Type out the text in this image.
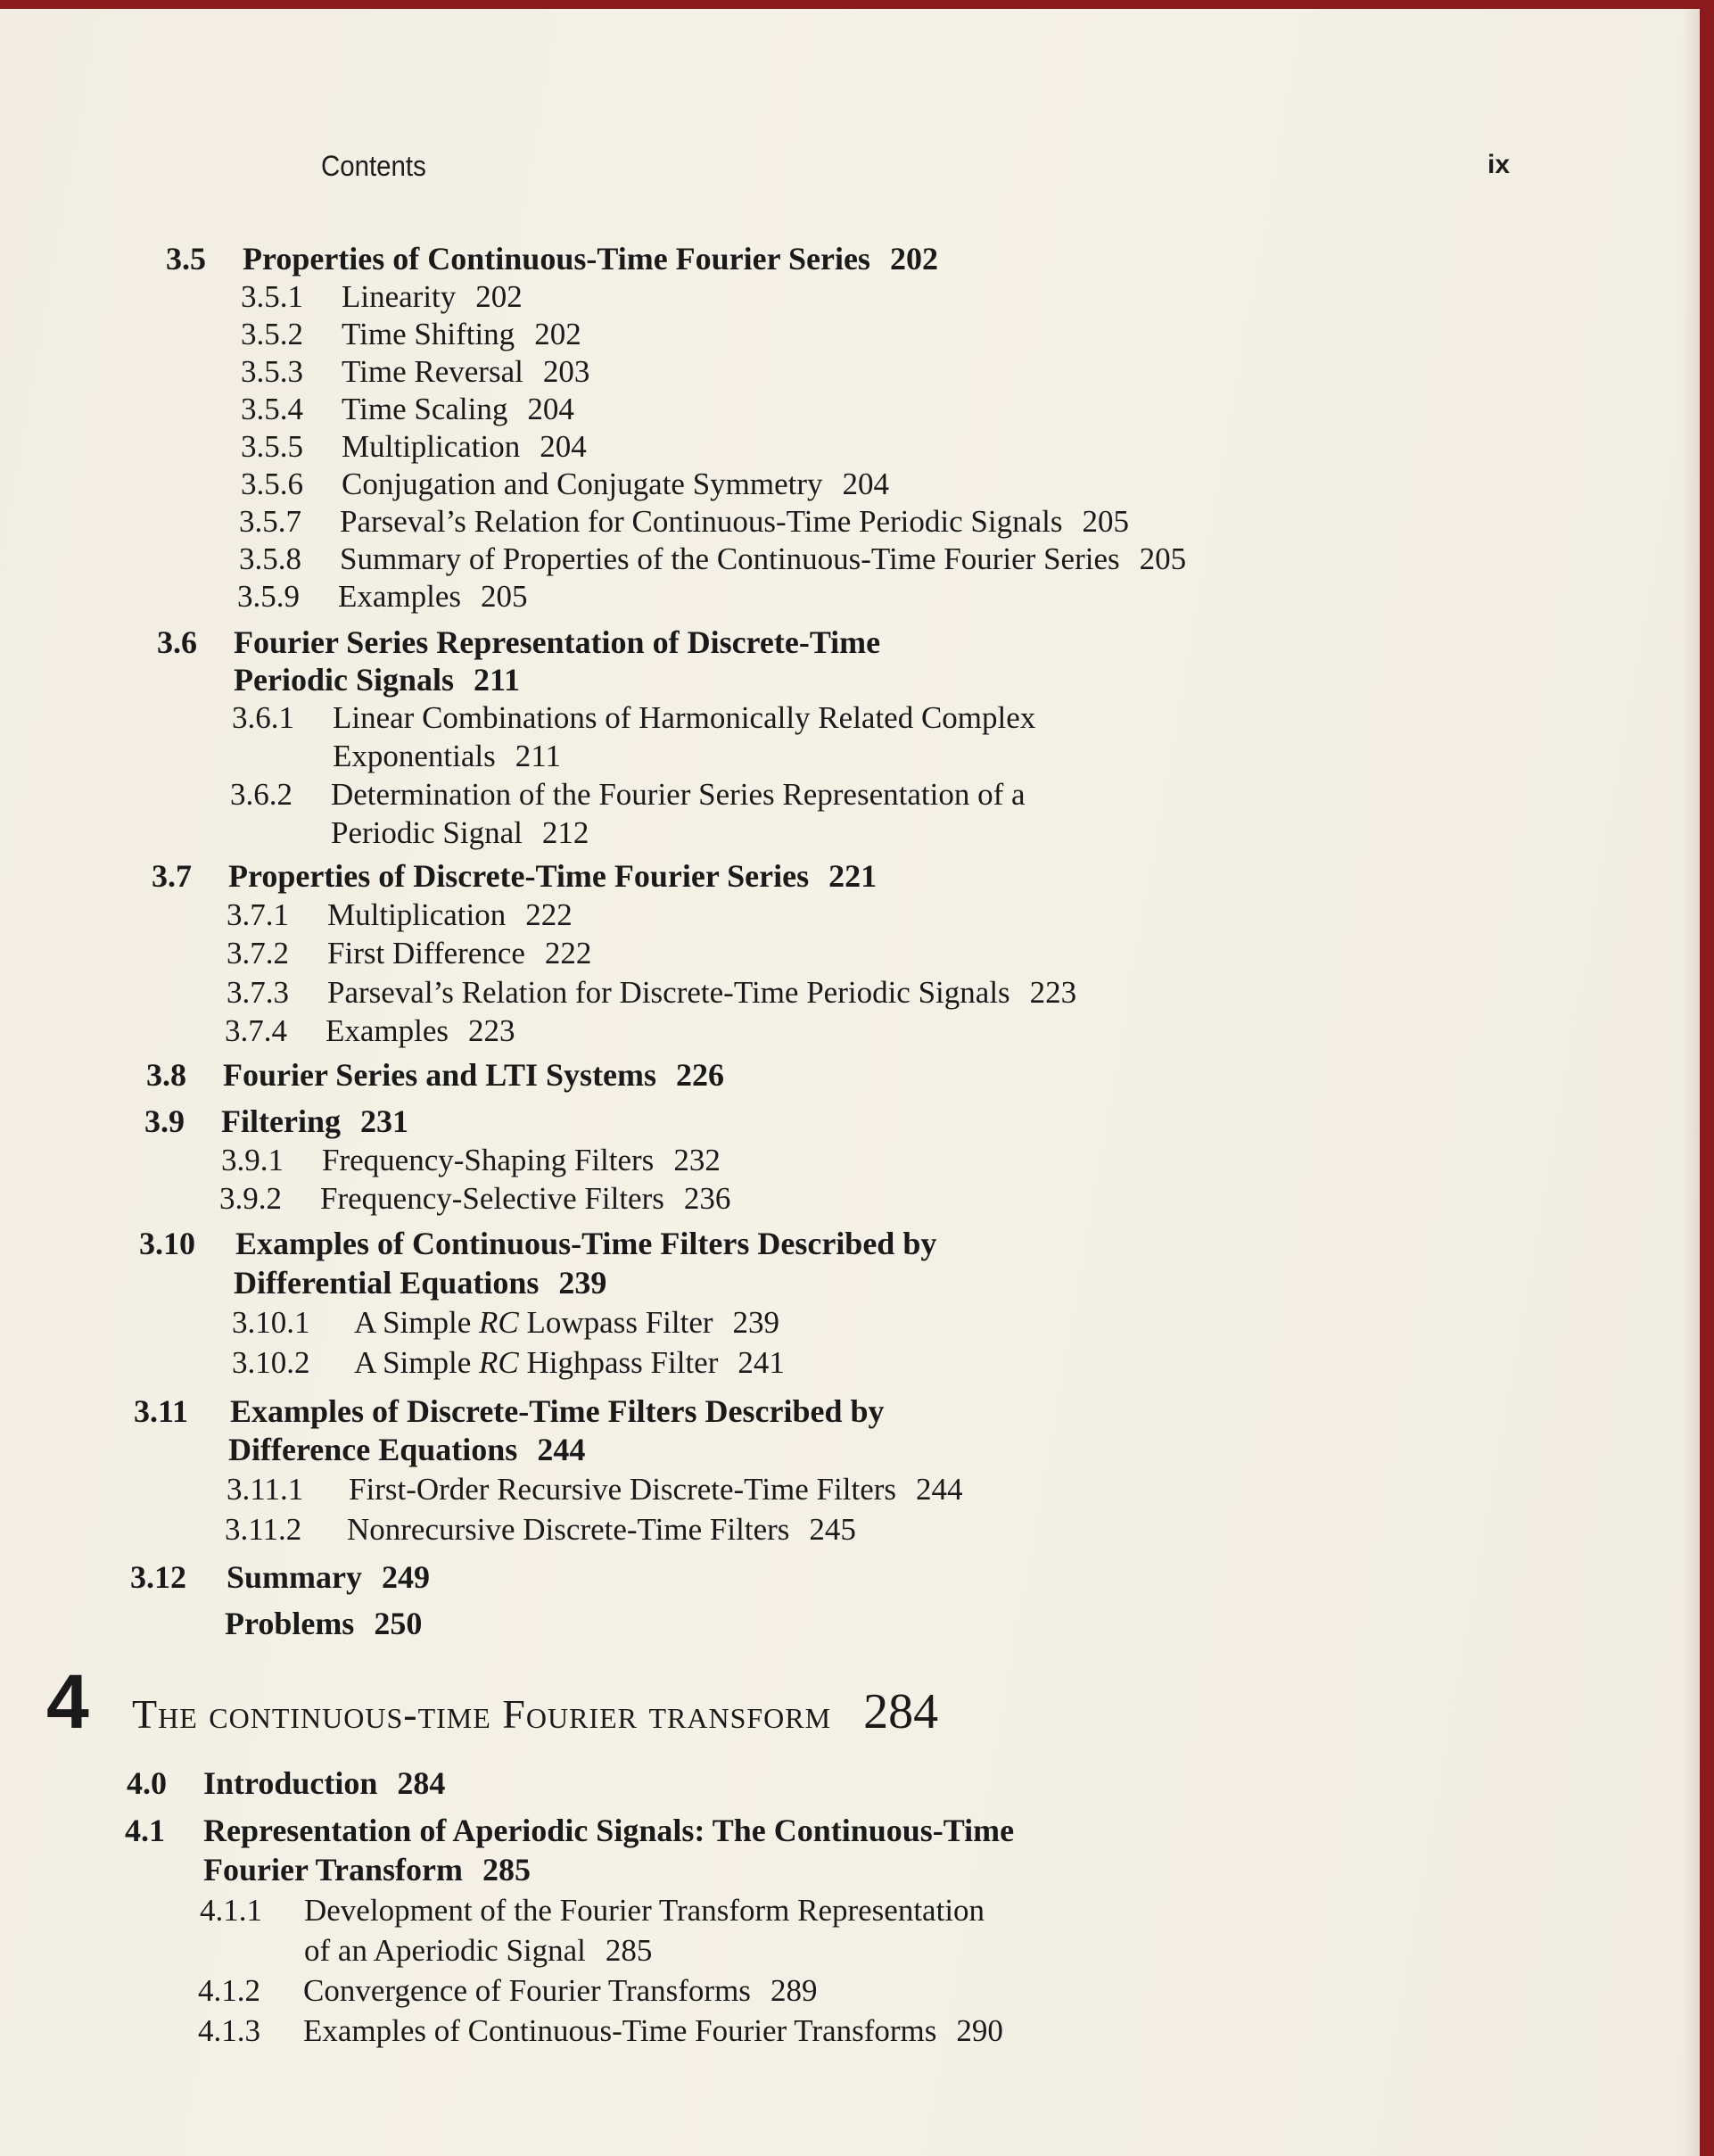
Contents	ix
3.5 Properties of Continuous-Time Fourier Series 202
3.5.1 Linearity 202
3.5.2 Time Shifting 202
3.5.3 Time Reversal 203
3.5.4 Time Scaling 204
3.5.5 Multiplication 204
3.5.6 Conjugation and Conjugate Symmetry 204
3.5.7 Parseval’s Relation for Continuous-Time Periodic Signals 205
3.5.8 Summary of Properties of the Continuous-Time Fourier Series 205
3.5.9 Examples 205
3.6 Fourier Series Representation of Discrete-Time
Periodic Signals 211
3.6.1 Linear Combinations of Harmonically Related Complex
Exponentials 211
3.6.2 Determination of the Fourier Series Representation of a
Periodic Signal 212
3.7 Properties of Discrete-Time Fourier Series 221
3.7.1 Multiplication 222
3.7.2 First Difference 222
3.7.3 Parseval’s Relation for Discrete-Time Periodic Signals 223
3.7.4 Examples 223
3.8 Fourier Series and LTI Systems 226
3.9 Filtering 231
3.9.1 Frequency-Shaping Filters 232
3.9.2 Frequency-Selective Filters 236
3.10 Examples of Continuous-Time Filters Described by
Differential Equations 239
3.10.1 A Simple RC Lowpass Filter 239
3.10.2 A Simple RC Highpass Filter 241
3.11 Examples of Discrete-Time Filters Described by
Difference Equations 244
3.11.1 First-Order Recursive Discrete-Time Filters 244
3.11.2 Nonrecursive Discrete-Time Filters 245
3.12 Summary 249
Problems 250
4 The continuous-time Fourier transform 284
4.0 Introduction 284
4.1 Representation of Aperiodic Signals: The Continuous-Time
Fourier Transform 285
4.1.1 Development of the Fourier Transform Representation
of an Aperiodic Signal 285
4.1.2 Convergence of Fourier Transforms 289
4.1.3 Examples of Continuous-Time Fourier Transforms 290
